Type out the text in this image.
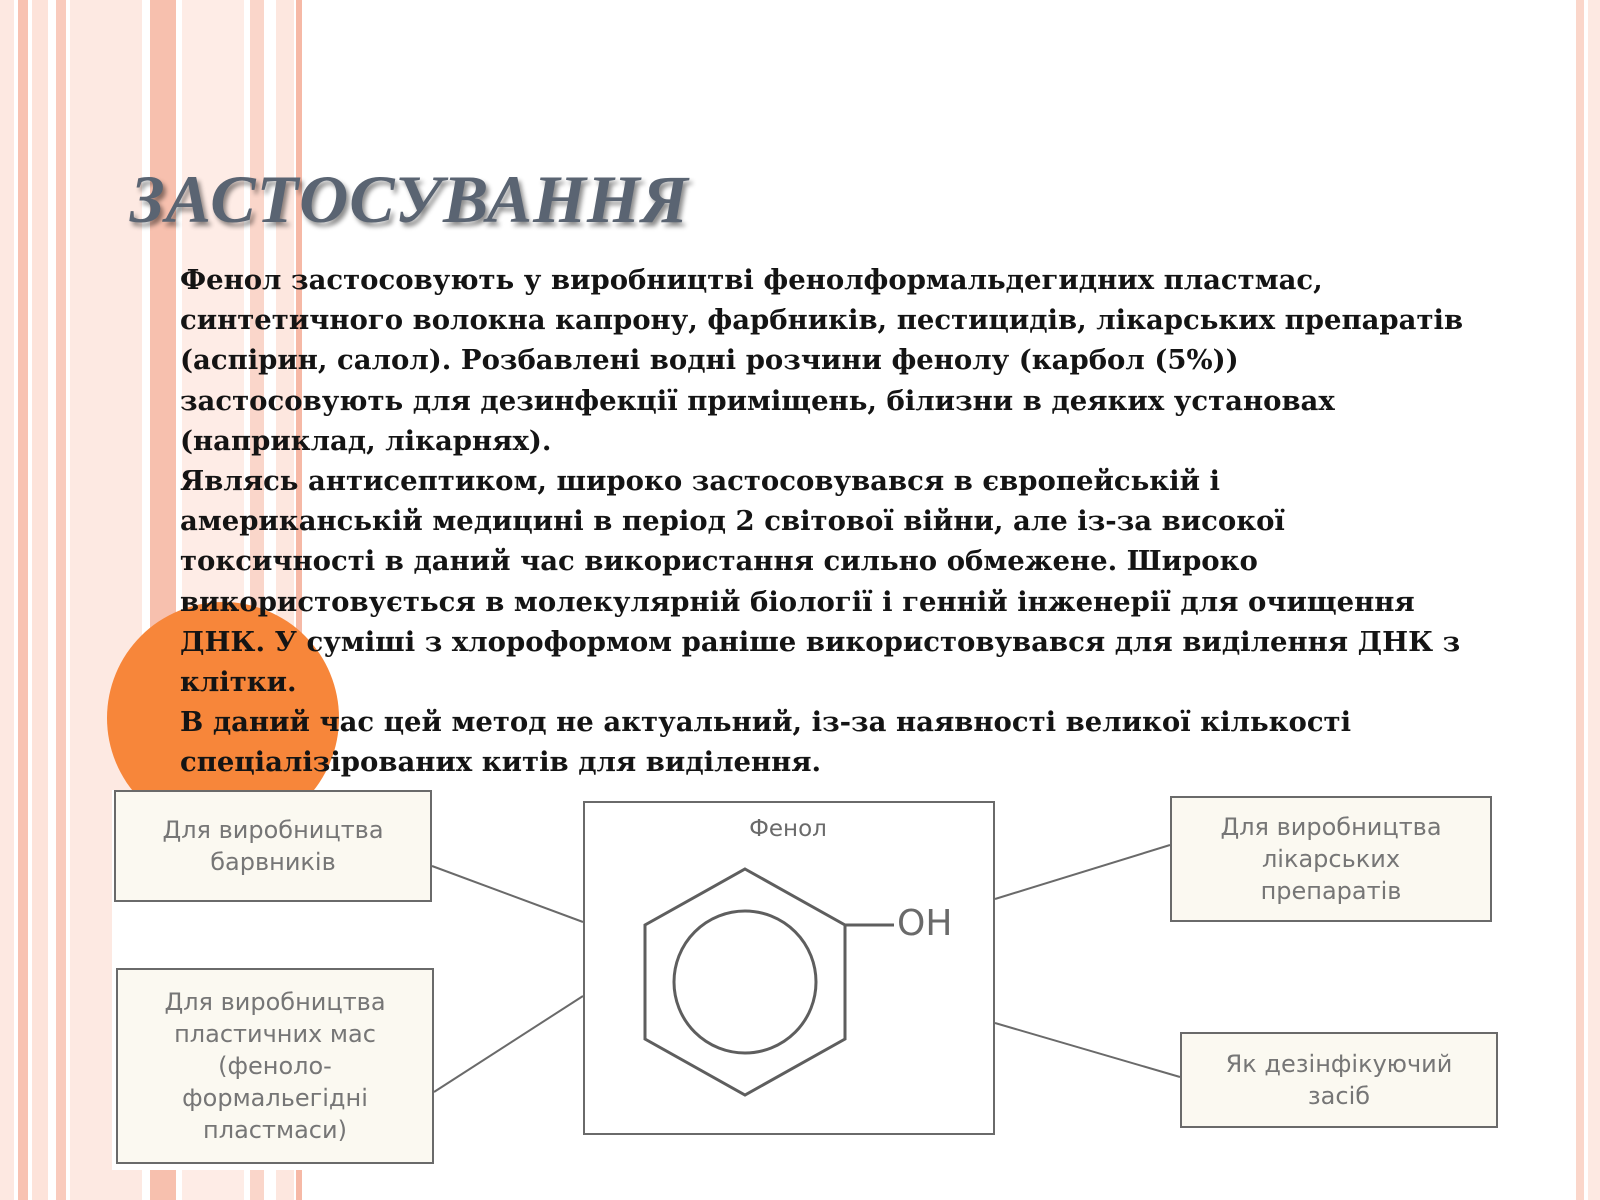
ЗАСТОСУВАННЯ

Фенол застосовують у виробництві фенолформальдегидних пластмас, синтетичного волокна капрону, фарбників, пестицидів, лікарських препаратів (аспірин, салол). Розбавлені водні розчини фенолу (карбол (5%)) застосовують для дезинфекції приміщень, білизни в деяких установах (наприклад, лікарнях).

Являсь антисептиком, широко застосовувався в європейській і американській медицині в період 2 світової війни, але із-за високої токсичності в даний час використання сильно обмежене. Широко використовується в молекулярній біології і генній інженерії для очищення ДНК. У суміші з хлороформом раніше використовувався для виділення ДНК з клітки.

В даний час цей метод не актуальний, із-за наявності великої кількості спеціалізірованих китів для виділення.

Фенол
OH
Для виробництва
барвників
Для виробництва
пластичних мас
(феноло-
формальегідні
пластмаси)
Для виробництва
лікарських
препаратів
Як дезінфікуючий
засіб
